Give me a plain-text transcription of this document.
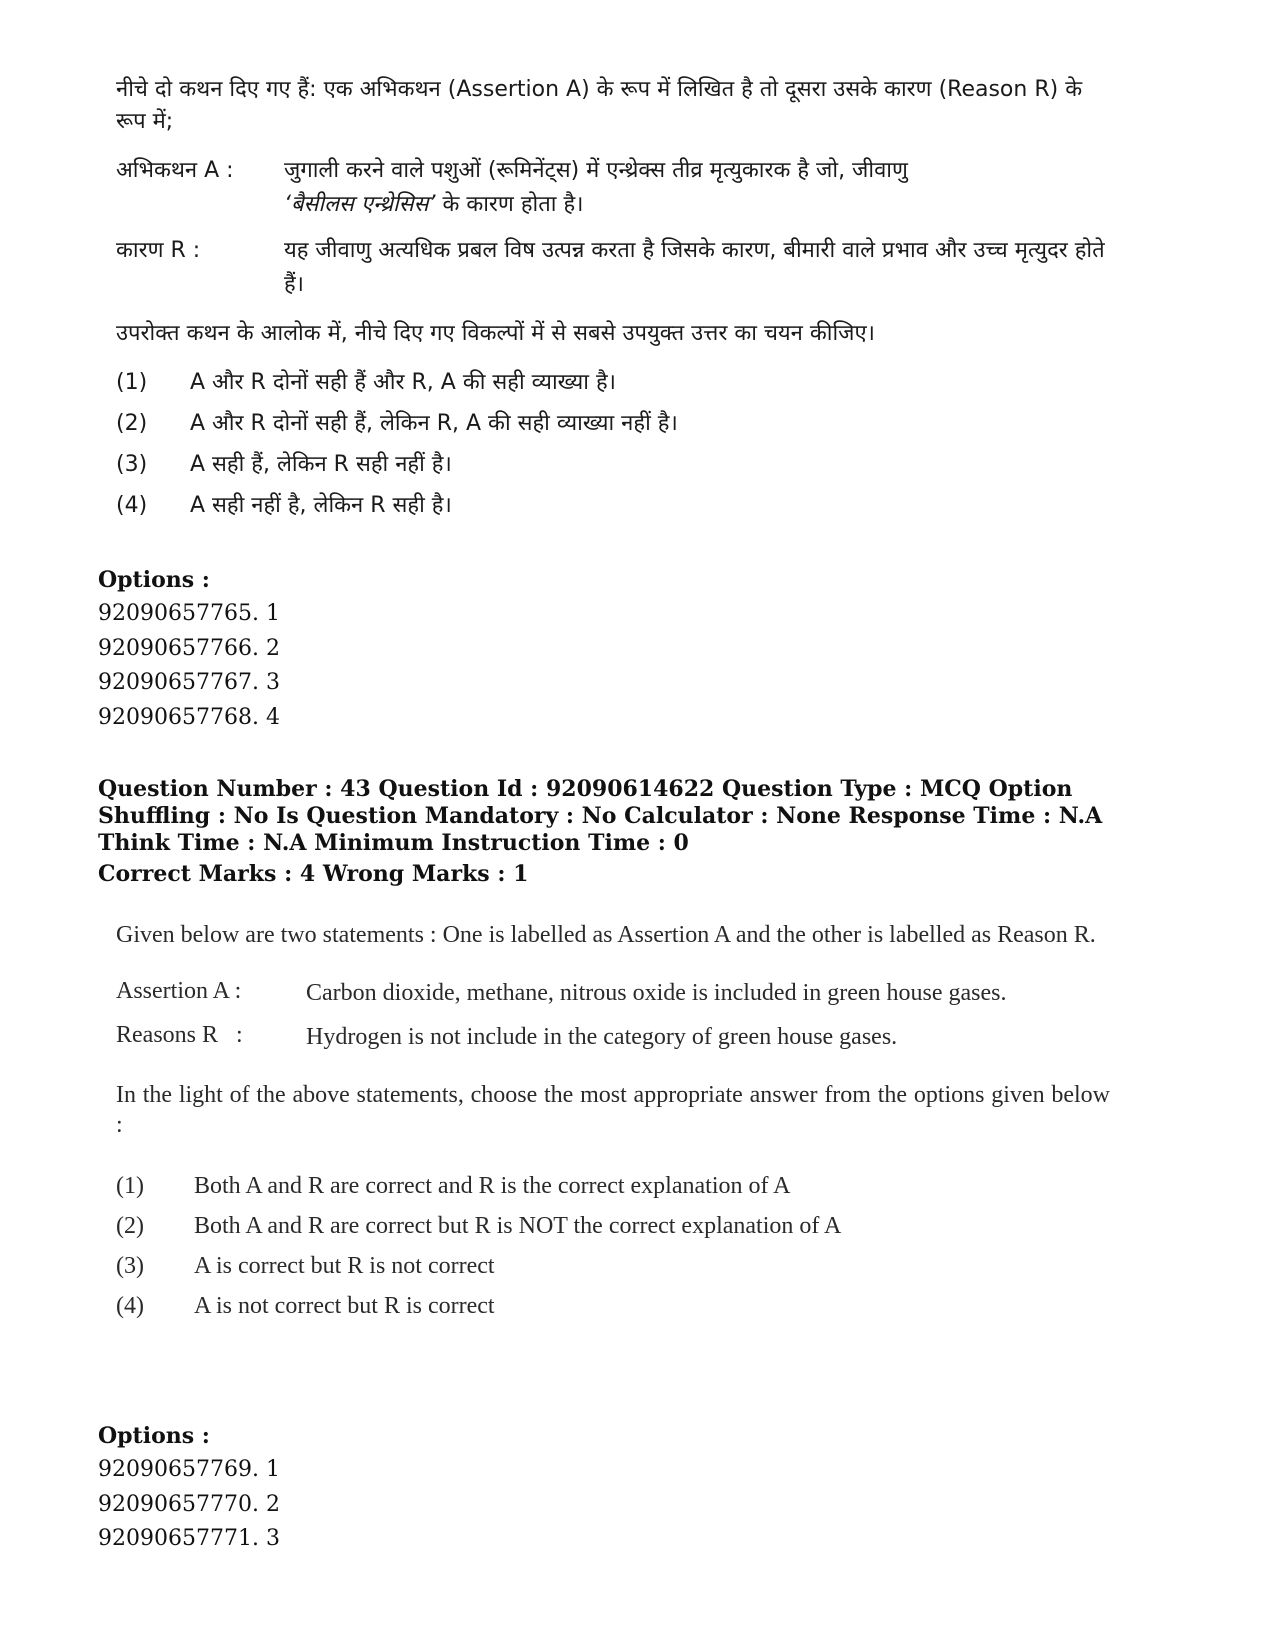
नीचे दो कथन दिए गए हैं: एक अभिकथन (Assertion A) के रूप में लिखित है तो दूसरा उसके कारण (Reason R) के रूप में;
अभिकथन A :	जुगाली करने वाले पशुओं (रूमिनेंट्स) में एन्थ्रेक्स तीव्र मृत्युकारक है जो, जीवाणु
‘बैसीलस एन्थ्रेसिस’ के कारण होता है।
कारण R :	यह जीवाणु अत्यधिक प्रबल विष उत्पन्न करता है जिसके कारण, बीमारी वाले प्रभाव और उच्च मृत्युदर होते हैं।
उपरोक्त कथन के आलोक में, नीचे दिए गए विकल्पों में से सबसे उपयुक्त उत्तर का चयन कीजिए।
(1)	A और R दोनों सही हैं और R, A की सही व्याख्या है।
(2)	A और R दोनों सही हैं, लेकिन R, A की सही व्याख्या नहीं है।
(3)	A सही हैं, लेकिन R सही नहीं है।
(4)	A सही नहीं है, लेकिन R सही है।
Options :
92090657765. 1
92090657766. 2
92090657767. 3
92090657768. 4
Question Number : 43 Question Id : 92090614622 Question Type : MCQ Option Shuffling : No Is Question Mandatory : No Calculator : None Response Time : N.A Think Time : N.A Minimum Instruction Time : 0
Correct Marks : 4 Wrong Marks : 1
Given below are two statements : One is labelled as Assertion A and the other is labelled as Reason R.
Assertion A :	Carbon dioxide, methane, nitrous oxide is included in green house gases.
Reasons R   :	Hydrogen is not include in the category of green house gases.
In the light of the above statements, choose the most appropriate answer from the options given below :
(1)	Both A and R are correct and R is the correct explanation of A
(2)	Both A and R are correct but R is NOT the correct explanation of A
(3)	A is correct but R is not correct
(4)	A is not correct but R is correct
Options :
92090657769. 1
92090657770. 2
92090657771. 3
